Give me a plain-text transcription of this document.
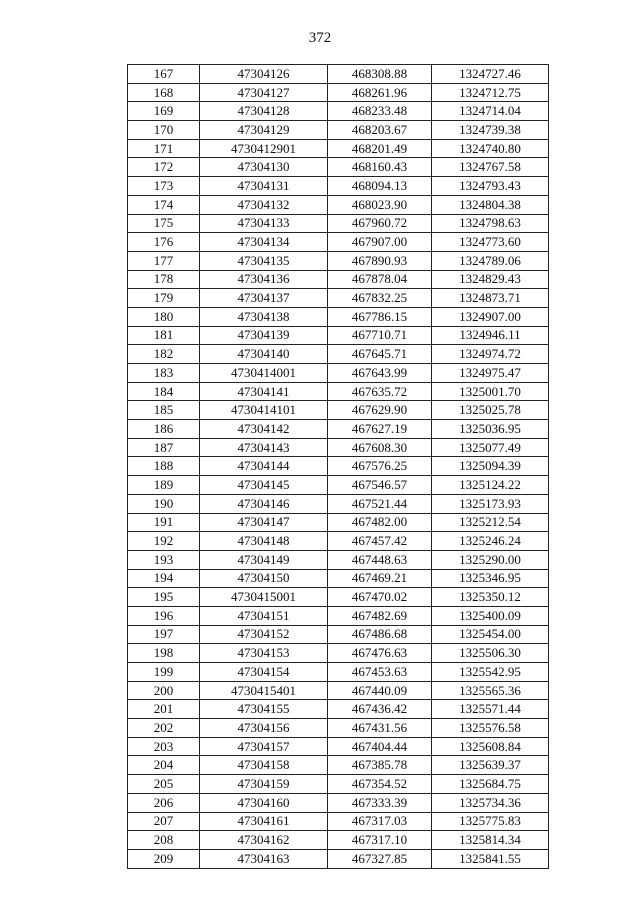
372
167	47304126	468308.88	1324727.46
168	47304127	468261.96	1324712.75
169	47304128	468233.48	1324714.04
170	47304129	468203.67	1324739.38
171	4730412901	468201.49	1324740.80
172	47304130	468160.43	1324767.58
173	47304131	468094.13	1324793.43
174	47304132	468023.90	1324804.38
175	47304133	467960.72	1324798.63
176	47304134	467907.00	1324773.60
177	47304135	467890.93	1324789.06
178	47304136	467878.04	1324829.43
179	47304137	467832.25	1324873.71
180	47304138	467786.15	1324907.00
181	47304139	467710.71	1324946.11
182	47304140	467645.71	1324974.72
183	4730414001	467643.99	1324975.47
184	47304141	467635.72	1325001.70
185	4730414101	467629.90	1325025.78
186	47304142	467627.19	1325036.95
187	47304143	467608.30	1325077.49
188	47304144	467576.25	1325094.39
189	47304145	467546.57	1325124.22
190	47304146	467521.44	1325173.93
191	47304147	467482.00	1325212.54
192	47304148	467457.42	1325246.24
193	47304149	467448.63	1325290.00
194	47304150	467469.21	1325346.95
195	4730415001	467470.02	1325350.12
196	47304151	467482.69	1325400.09
197	47304152	467486.68	1325454.00
198	47304153	467476.63	1325506.30
199	47304154	467453.63	1325542.95
200	4730415401	467440.09	1325565.36
201	47304155	467436.42	1325571.44
202	47304156	467431.56	1325576.58
203	47304157	467404.44	1325608.84
204	47304158	467385.78	1325639.37
205	47304159	467354.52	1325684.75
206	47304160	467333.39	1325734.36
207	47304161	467317.03	1325775.83
208	47304162	467317.10	1325814.34
209	47304163	467327.85	1325841.55
